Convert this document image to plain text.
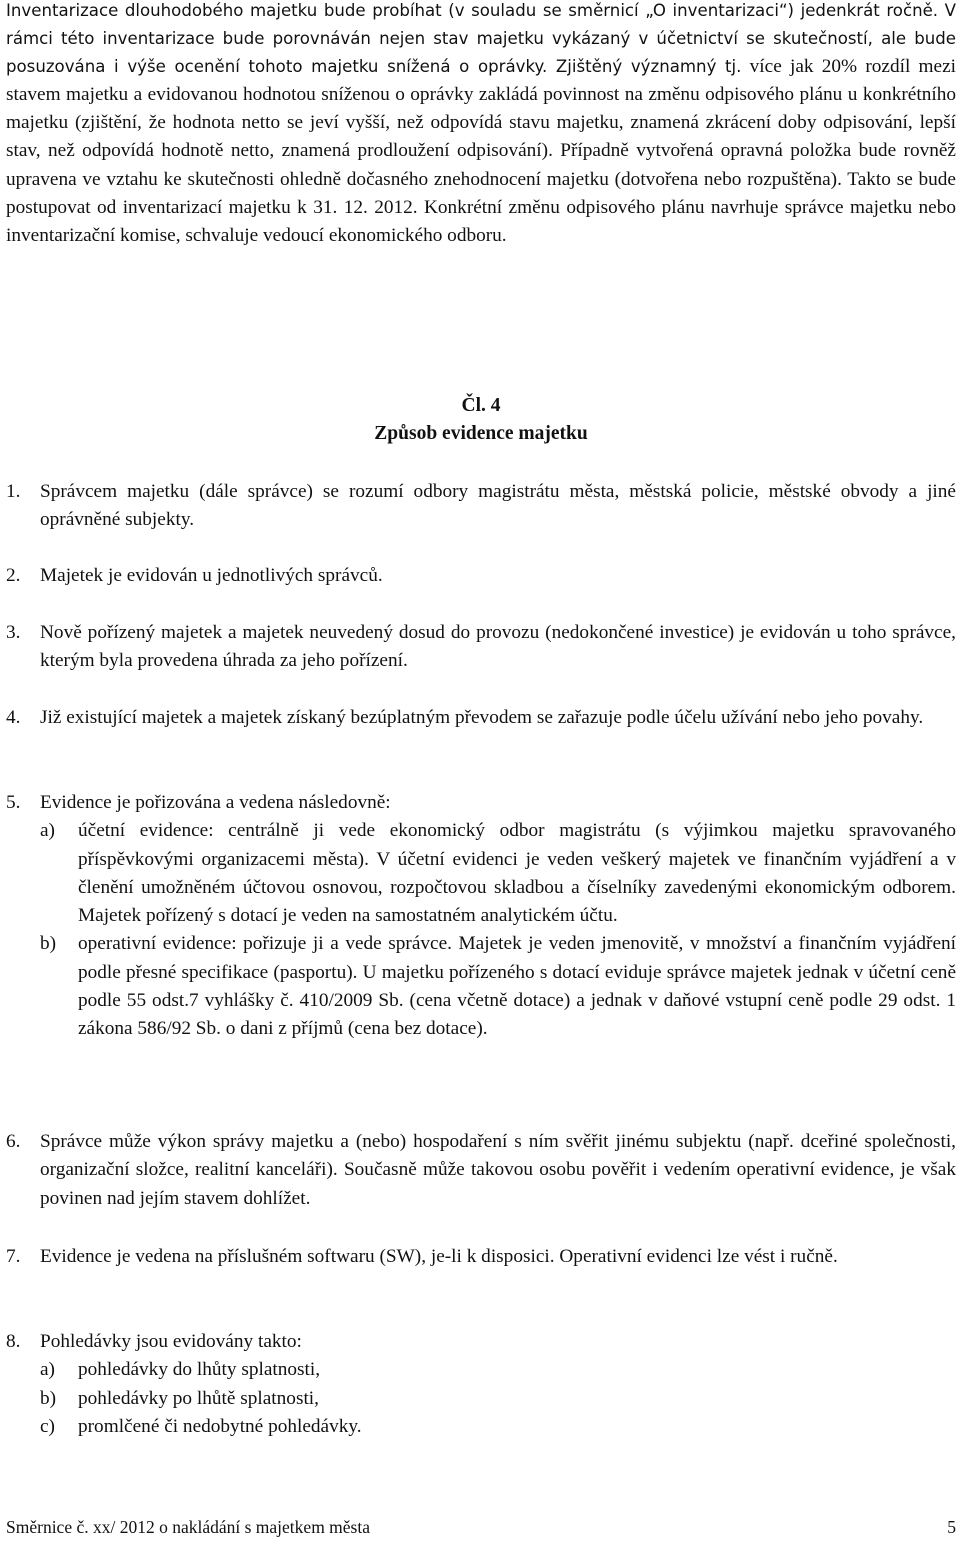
Inventarizace dlouhodobého majetku bude probíhat (v souladu se směrnicí „O inventarizaci“) jedenkrát ročně. V rámci této inventarizace bude porovnáván nejen stav majetku vykázaný v účetnictví se skutečností, ale bude posuzována i výše ocenění tohoto majetku snížená o oprávky. Zjištěný významný tj. více jak 20% rozdíl mezi stavem majetku a evidovanou hodnotou sníženou o oprávky zakládá povinnost na změnu odpisového plánu u konkrétního majetku (zjištění, že hodnota netto se jeví vyšší, než odpovídá stavu majetku, znamená zkrácení doby odpisování, lepší stav, než odpovídá hodnotě netto, znamená prodloužení odpisování). Případně vytvořená opravná položka bude rovněž upravena ve vztahu ke skutečnosti ohledně dočasného znehodnocení majetku (dotvořena nebo rozpuštěna). Takto se bude postupovat od inventarizací majetku k 31. 12. 2012. Konkrétní změnu odpisového plánu navrhuje správce majetku nebo inventarizační komise, schvaluje vedoucí ekonomického odboru.

Čl. 4

Způsob evidence majetku

1. Správcem majetku (dále správce) se rozumí odbory magistrátu města, městská policie, městské obvody a jiné oprávněné subjekty.
2. Majetek je evidován u jednotlivých správců.
3. Nově pořízený majetek a majetek neuvedený dosud do provozu (nedokončené investice) je evidován u toho správce, kterým byla provedena úhrada za jeho pořízení.
4. Již existující majetek a majetek získaný bezúplatným převodem se zařazuje podle účelu užívání nebo jeho povahy.
5. Evidence je pořizována a vedena následovně:
a) účetní evidence: centrálně ji vede ekonomický odbor magistrátu (s výjimkou majetku spravovaného příspěvkovými organizacemi města). V účetní evidenci je veden veškerý majetek ve finančním vyjádření a v členění umožněném účtovou osnovou, rozpočtovou skladbou a číselníky zavedenými ekonomickým odborem. Majetek pořízený s dotací je veden na samostatném analytickém účtu.
b) operativní evidence: pořizuje ji a vede správce. Majetek je veden jmenovitě, v množství a finančním vyjádření podle přesné specifikace (pasportu). U majetku pořízeného s dotací eviduje správce majetek jednak v účetní ceně podle 55 odst.7 vyhlášky č. 410/2009 Sb. (cena včetně dotace) a jednak v daňové vstupní ceně podle 29 odst. 1 zákona 586/92 Sb. o dani z příjmů (cena bez dotace).
6. Správce může výkon správy majetku a (nebo) hospodaření s ním svěřit jinému subjektu (např. dceřiné společnosti, organizační složce, realitní kanceláři). Současně může takovou osobu pověřit i vedením operativní evidence, je však povinen nad jejím stavem dohlížet.
7. Evidence je vedena na příslušném softwaru (SW), je-li k disposici. Operativní evidenci lze vést i ručně.
8. Pohledávky jsou evidovány takto:
a) pohledávky do lhůty splatnosti,
b) pohledávky po lhůtě splatnosti,
c) promlčené či nedobytné pohledávky.
Směrnice č. xx/ 2012 o nakládání s majetkem města	5
